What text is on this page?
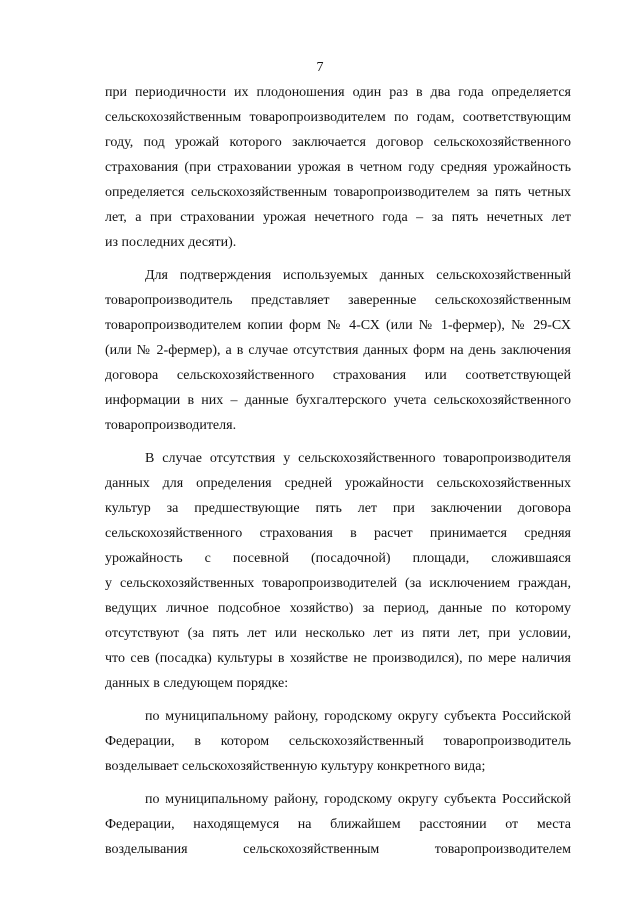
7
при периодичности их плодоношения один раз в два года определяется
сельскохозяйственным товаропроизводителем по годам, соответствующим
году, под урожай которого заключается договор сельскохозяйственного
страхования (при страховании урожая в четном году средняя урожайность
определяется сельскохозяйственным товаропроизводителем за пять четных
лет, а при страховании урожая нечетного года – за пять нечетных лет
из последних десяти).
Для подтверждения используемых данных сельскохозяйственный
товаропроизводитель представляет заверенные сельскохозяйственным
товаропроизводителем копии форм № 4-СХ (или № 1-фермер), № 29-СХ
(или № 2-фермер), а в случае отсутствия данных форм на день заключения
договора сельскохозяйственного страхования или соответствующей
информации в них – данные бухгалтерского учета сельскохозяйственного
товаропроизводителя.
В случае отсутствия у сельскохозяйственного товаропроизводителя
данных для определения средней урожайности сельскохозяйственных
культур за предшествующие пять лет при заключении договора
сельскохозяйственного страхования в расчет принимается средняя
урожайность с посевной (посадочной) площади, сложившаяся
у сельскохозяйственных товаропроизводителей (за исключением граждан,
ведущих личное подсобное хозяйство) за период, данные по которому
отсутствуют (за пять лет или несколько лет из пяти лет, при условии,
что сев (посадка) культуры в хозяйстве не производился), по мере наличия
данных в следующем порядке:
по муниципальному району, городскому округу субъекта Российской
Федерации, в котором сельскохозяйственный товаропроизводитель
возделывает сельскохозяйственную культуру конкретного вида;
по муниципальному району, городскому округу субъекта Российской
Федерации, находящемуся на ближайшем расстоянии от места
возделывания сельскохозяйственным товаропроизводителем
